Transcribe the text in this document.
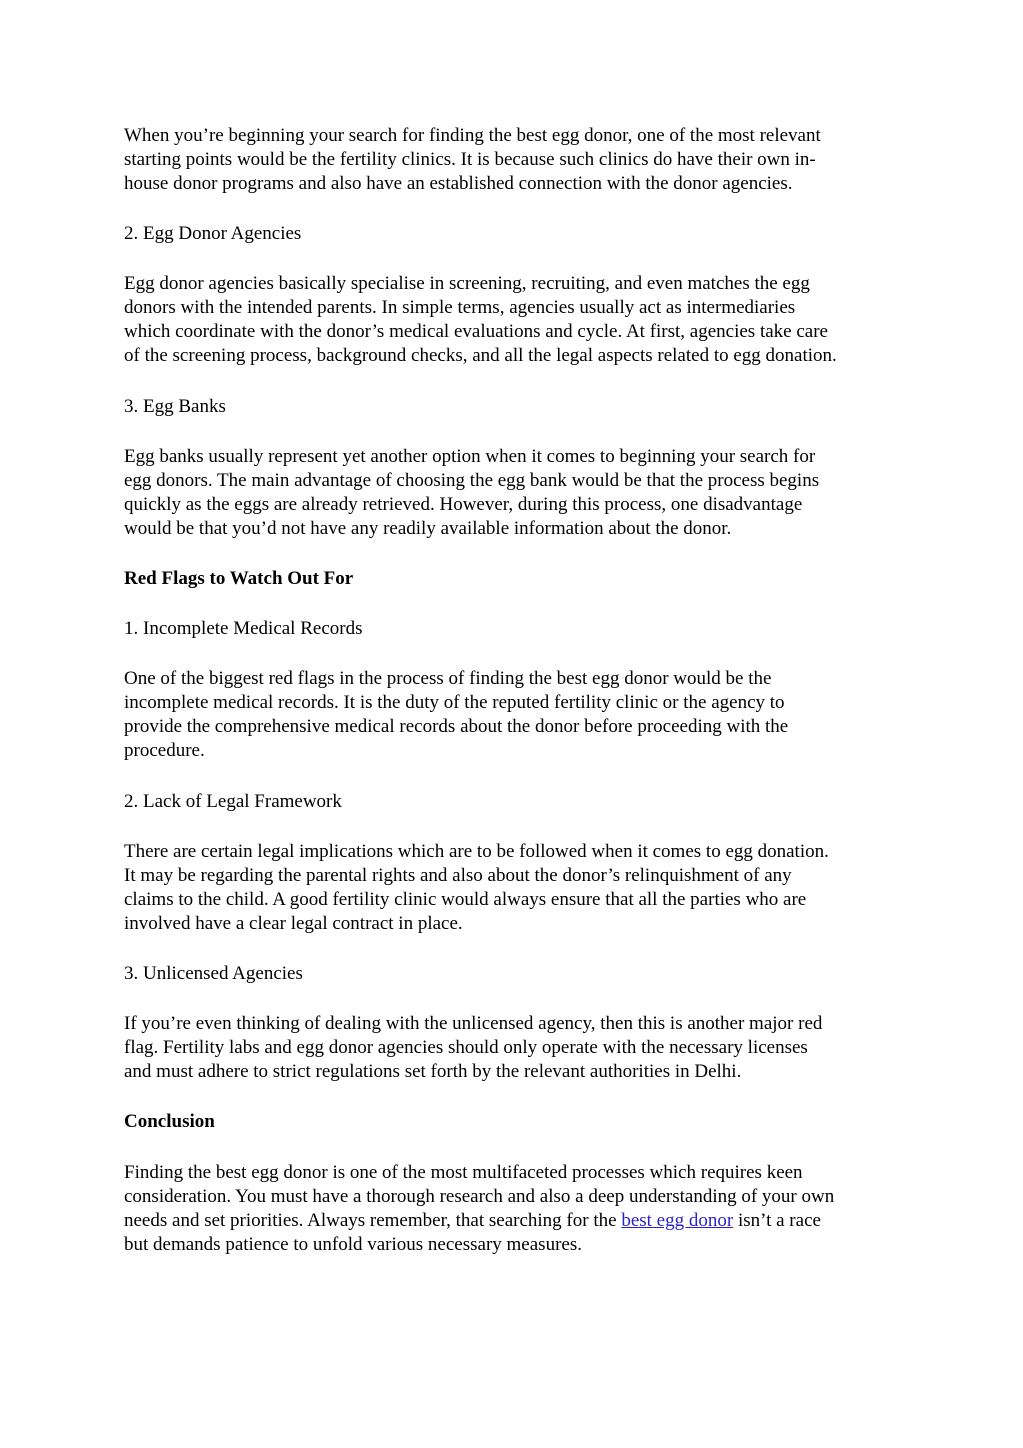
When you’re beginning your search for finding the best egg donor, one of the most relevant
starting points would be the fertility clinics. It is because such clinics do have their own in-
house donor programs and also have an established connection with the donor agencies.
2. Egg Donor Agencies
Egg donor agencies basically specialise in screening, recruiting, and even matches the egg
donors with the intended parents. In simple terms, agencies usually act as intermediaries
which coordinate with the donor’s medical evaluations and cycle. At first, agencies take care
of the screening process, background checks, and all the legal aspects related to egg donation.
3. Egg Banks
Egg banks usually represent yet another option when it comes to beginning your search for
egg donors. The main advantage of choosing the egg bank would be that the process begins
quickly as the eggs are already retrieved. However, during this process, one disadvantage
would be that you’d not have any readily available information about the donor.
Red Flags to Watch Out For
1. Incomplete Medical Records
One of the biggest red flags in the process of finding the best egg donor would be the
incomplete medical records. It is the duty of the reputed fertility clinic or the agency to
provide the comprehensive medical records about the donor before proceeding with the
procedure.
2. Lack of Legal Framework
There are certain legal implications which are to be followed when it comes to egg donation.
It may be regarding the parental rights and also about the donor’s relinquishment of any
claims to the child. A good fertility clinic would always ensure that all the parties who are
involved have a clear legal contract in place.
3. Unlicensed Agencies
If you’re even thinking of dealing with the unlicensed agency, then this is another major red
flag. Fertility labs and egg donor agencies should only operate with the necessary licenses
and must adhere to strict regulations set forth by the relevant authorities in Delhi.
Conclusion
Finding the best egg donor is one of the most multifaceted processes which requires keen
consideration. You must have a thorough research and also a deep understanding of your own
needs and set priorities. Always remember, that searching for the best egg donor isn’t a race
but demands patience to unfold various necessary measures.
